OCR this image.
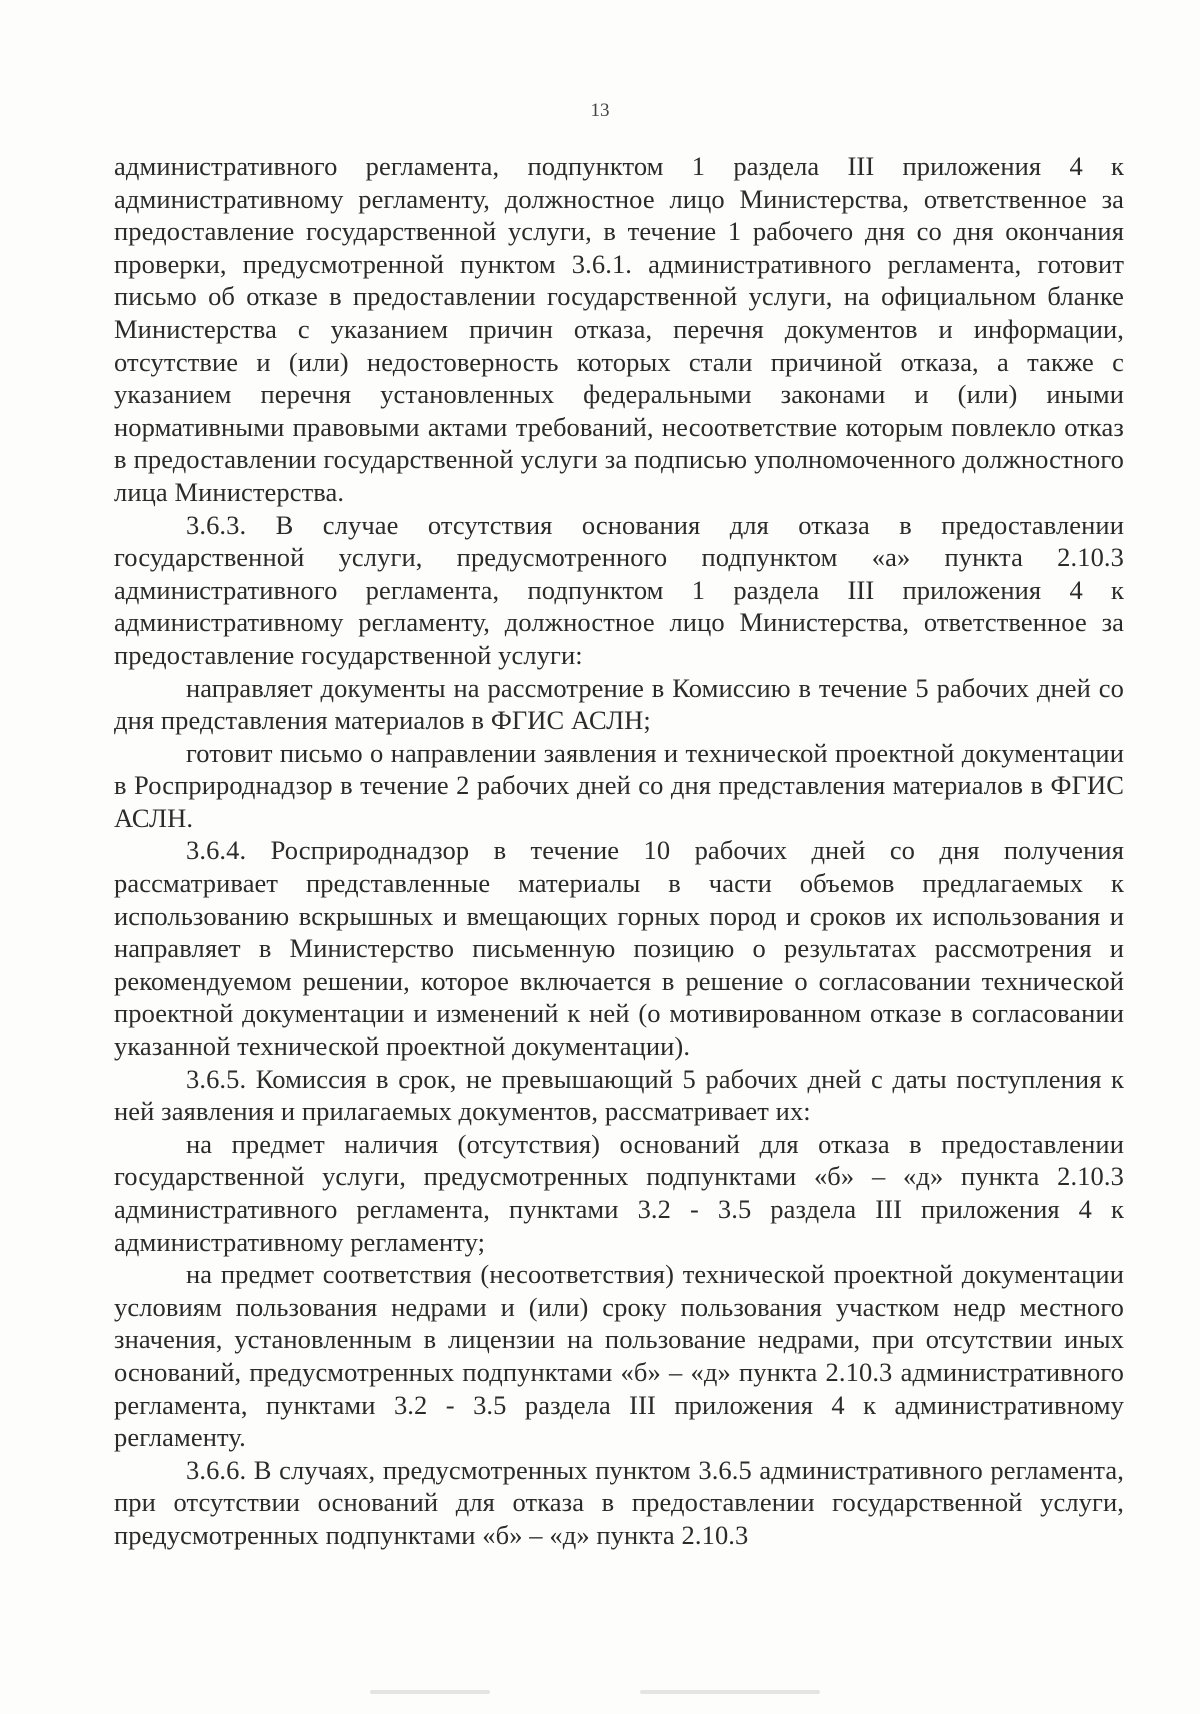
13

административного регламента, подпунктом 1 раздела III приложения 4 к административному регламенту, должностное лицо Министерства, ответственное за предоставление государственной услуги, в течение 1 рабочего дня со дня окончания проверки, предусмотренной пунктом 3.6.1. административного регламента, готовит письмо об отказе в предоставлении государственной услуги, на официальном бланке Министерства с указанием причин отказа, перечня документов и информации, отсутствие и (или) недостоверность которых стали причиной отказа, а также с указанием перечня установленных федеральными законами и (или) иными нормативными правовыми актами требований, несоответствие которым повлекло отказ в предоставлении государственной услуги за подписью уполномоченного должностного лица Министерства.

3.6.3. В случае отсутствия основания для отказа в предоставлении государственной услуги, предусмотренного подпунктом «а» пункта 2.10.3 административного регламента, подпунктом 1 раздела III приложения 4 к административному регламенту, должностное лицо Министерства, ответственное за предоставление государственной услуги:

направляет документы на рассмотрение в Комиссию в течение 5 рабочих дней со дня представления материалов в ФГИС АСЛН;

готовит письмо о направлении заявления и технической проектной документации в Росприроднадзор в течение 2 рабочих дней со дня представления материалов в ФГИС АСЛН.

3.6.4. Росприроднадзор в течение 10 рабочих дней со дня получения рассматривает представленные материалы в части объемов предлагаемых к использованию вскрышных и вмещающих горных пород и сроков их использования и направляет в Министерство письменную позицию о результатах рассмотрения и рекомендуемом решении, которое включается в решение о согласовании технической проектной документации и изменений к ней (о мотивированном отказе в согласовании указанной технической проектной документации).

3.6.5. Комиссия в срок, не превышающий 5 рабочих дней с даты поступления к ней заявления и прилагаемых документов, рассматривает их:

на предмет наличия (отсутствия) оснований для отказа в предоставлении государственной услуги, предусмотренных подпунктами «б» – «д» пункта 2.10.3 административного регламента, пунктами 3.2 - 3.5 раздела III приложения 4 к административному регламенту;

на предмет соответствия (несоответствия) технической проектной документации условиям пользования недрами и (или) сроку пользования участком недр местного значения, установленным в лицензии на пользование недрами, при отсутствии иных оснований, предусмотренных подпунктами «б» – «д» пункта 2.10.3 административного регламента, пунктами 3.2 - 3.5 раздела III приложения 4 к административному регламенту.

3.6.6. В случаях, предусмотренных пунктом 3.6.5 административного регламента, при отсутствии оснований для отказа в предоставлении государственной услуги, предусмотренных подпунктами «б» – «д» пункта 2.10.3
